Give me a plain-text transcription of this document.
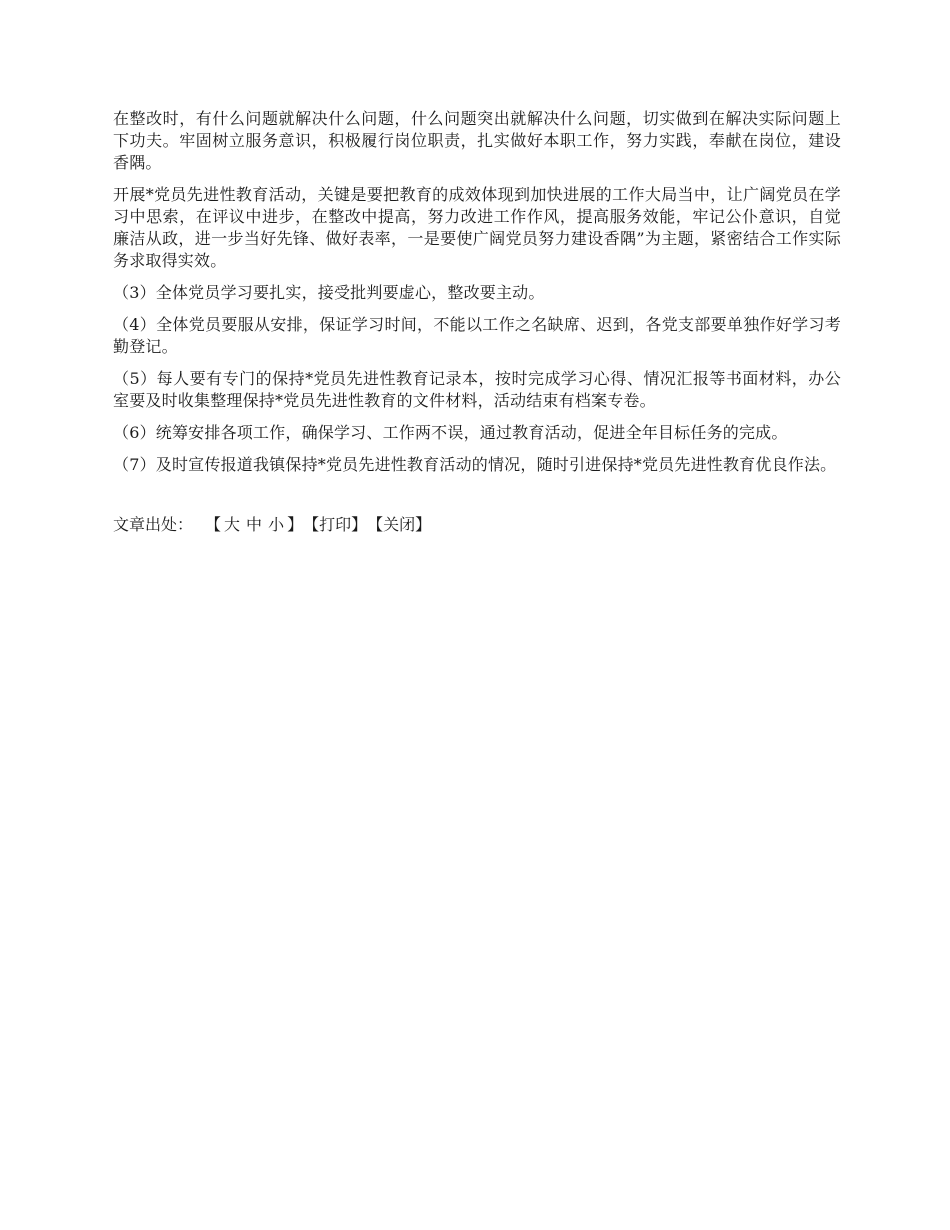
在整改时，有什么问题就解决什么问题，什么问题突出就解决什么问题，切实做到在解决实际问题上下功夫。牢固树立服务意识，积极履行岗位职责，扎实做好本职工作，努力实践，奉献在岗位，建设香隅。

开展*党员先进性教育活动，关键是要把教育的成效体现到加快进展的工作大局当中，让广阔党员在学习中思索，在评议中进步，在整改中提高，努力改进工作作风，提高服务效能，牢记公仆意识，自觉廉洁从政，进一步当好先锋、做好表率，一是要使广阔党员努力建设香隅”为主题，紧密结合工作实际务求取得实效。

（3）全体党员学习要扎实，接受批判要虚心，整改要主动。

（4）全体党员要服从安排，保证学习时间，不能以工作之名缺席、迟到，各党支部要单独作好学习考勤登记。

（5）每人要有专门的保持*党员先进性教育记录本，按时完成学习心得、情况汇报等书面材料，办公室要及时收集整理保持*党员先进性教育的文件材料，活动结束有档案专卷。

（6）统筹安排各项工作，确保学习、工作两不误，通过教育活动，促进全年目标任务的完成。

（7）及时宣传报道我镇保持*党员先进性教育活动的情况，随时引进保持*党员先进性教育优良作法。

文章出处： 【 大 中 小 】 【打印】 【关闭】
